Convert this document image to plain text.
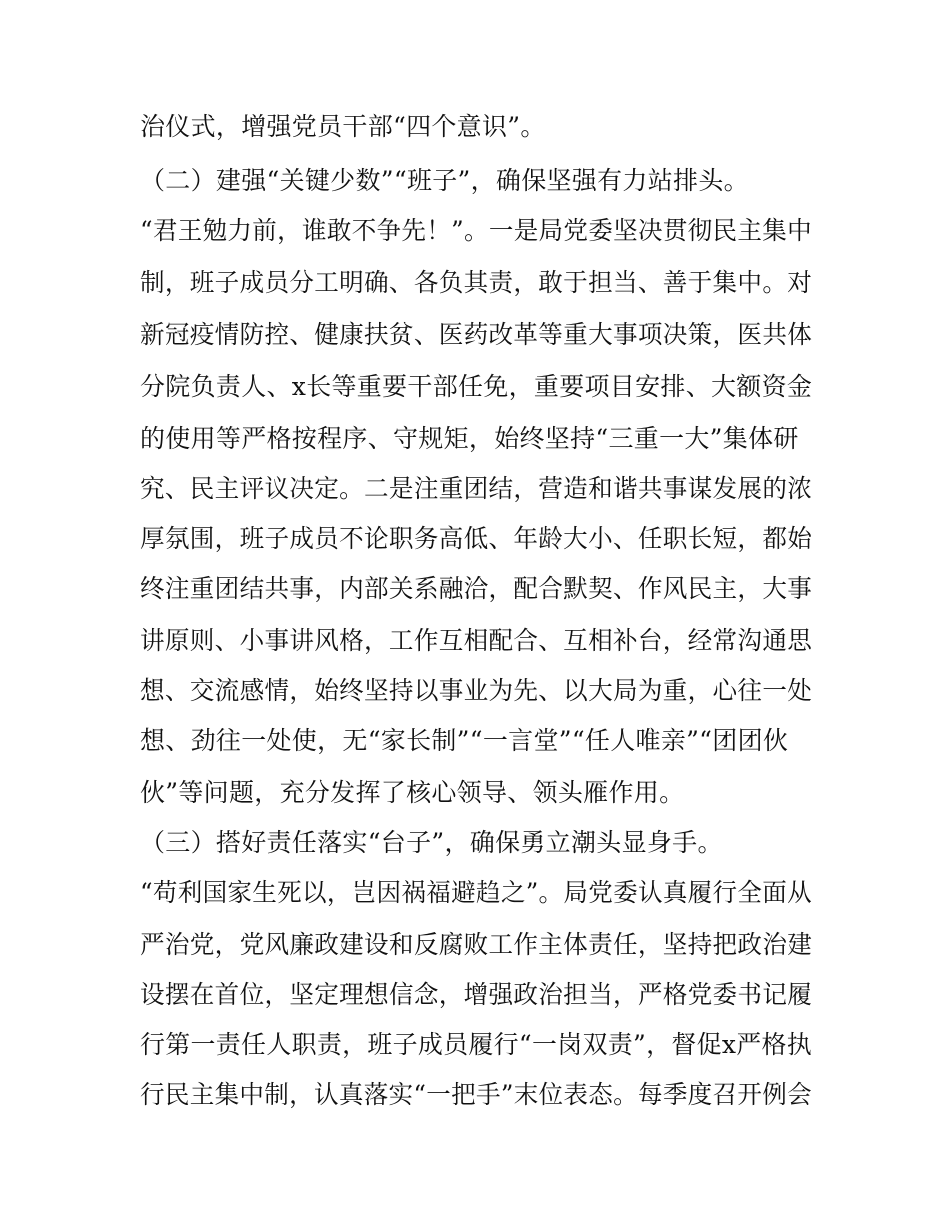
治仪式，增强党员干部“四个意识”。
（二）建强“关键少数”“班子”，确保坚强有力站排头。
“君王勉力前，谁敢不争先！”。一是局党委坚决贯彻民主集中
制，班子成员分工明确、各负其责，敢于担当、善于集中。对
新冠疫情防控、健康扶贫、医药改革等重大事项决策，医共体
分院负责人、x长等重要干部任免，重要项目安排、大额资金
的使用等严格按程序、守规矩，始终坚持“三重一大”集体研
究、民主评议决定。二是注重团结，营造和谐共事谋发展的浓
厚氛围，班子成员不论职务高低、年龄大小、任职长短，都始
终注重团结共事，内部关系融洽，配合默契、作风民主，大事
讲原则、小事讲风格，工作互相配合、互相补台，经常沟通思
想、交流感情，始终坚持以事业为先、以大局为重，心往一处
想、劲往一处使，无“家长制”“一言堂”“任人唯亲”“团团伙
伙”等问题，充分发挥了核心领导、领头雁作用。
（三）搭好责任落实“台子”，确保勇立潮头显身手。
“苟利国家生死以，岂因祸福避趋之”。局党委认真履行全面从
严治党，党风廉政建设和反腐败工作主体责任，坚持把政治建
设摆在首位，坚定理想信念，增强政治担当，严格党委书记履
行第一责任人职责，班子成员履行“一岗双责”，督促x严格执
行民主集中制，认真落实“一把手”末位表态。每季度召开例会
